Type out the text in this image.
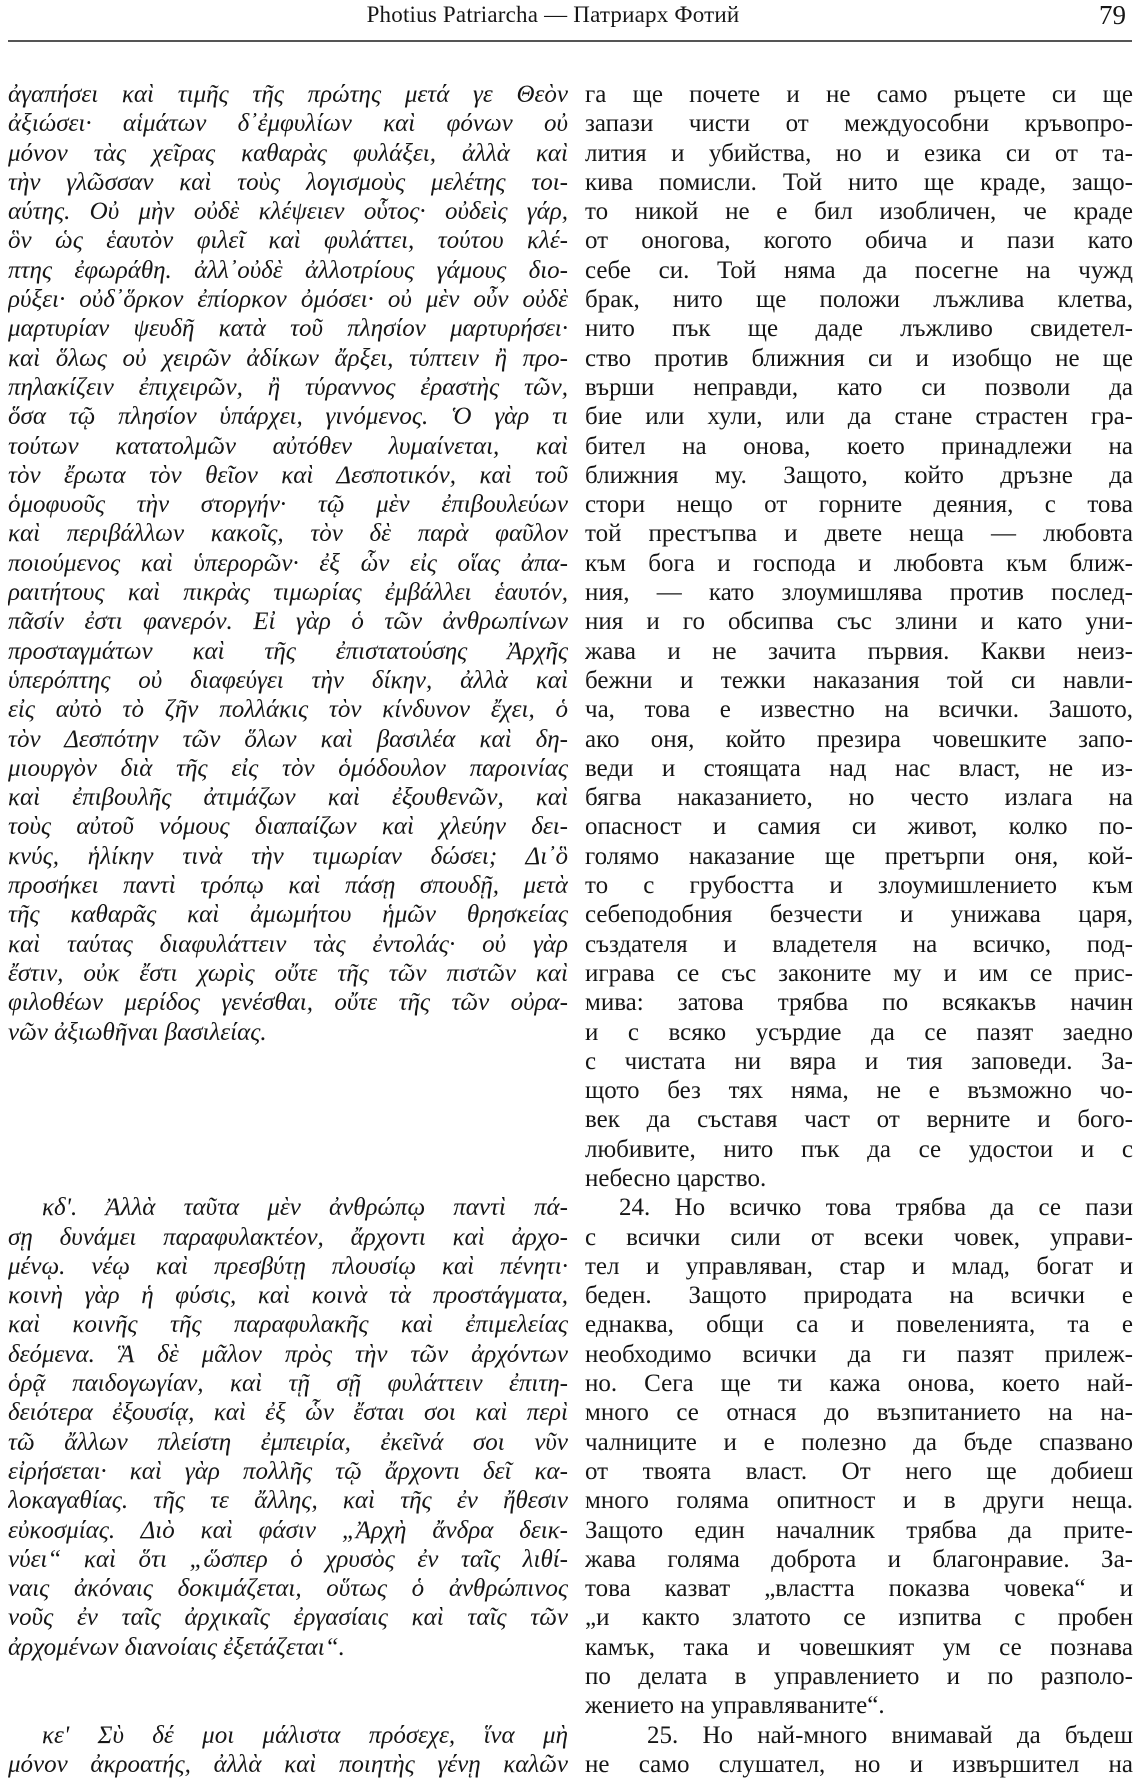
Photius Patriarcha — Патриарх Фотий	79
ἀγαπήσει καὶ τιμῆς τῆς πρώτης μετά γε Θεὸν
ἀξιώσει· αἱμάτων δ᾿ἐμφυλίων καὶ φόνων οὐ
μόνον τὰς χεῖρας καθαρὰς φυλάξει, ἀλλὰ καὶ
τὴν γλῶσσαν καὶ τοὺς λογισμοὺς μελέτης τοι-
αύτης. Οὐ μὴν οὐδὲ κλέψειεν οὗτος· οὐδεὶς γάρ,
ὃν ὡς ἑαυτὸν φιλεῖ καὶ φυλάττει, τούτου κλέ-
πτης ἐφωράθη. ἀλλ᾿οὐδὲ ἀλλοτρίους γάμους διο-
ρύξει· οὐδ᾿ὅρκον ἐπίορκον ὀμόσει· οὐ μὲν οὖν οὐδὲ
μαρτυρίαν ψευδῆ κατὰ τοῦ πλησίον μαρτυρήσει·
καὶ ὅλως οὐ χειρῶν ἀδίκων ἄρξει, τύπτειν ἢ προ-
πηλακίζειν ἐπιχειρῶν, ἢ τύραννος ἐραστὴς τῶν,
ὅσα τῷ πλησίον ὑπάρχει, γινόμενος. Ὁ γὰρ τι
τούτων κατατολμῶν αὐτόθεν λυμαίνεται, καὶ
τὸν ἔρωτα τὸν θεῖον καὶ Δεσποτικόν, καὶ τοῦ
ὁμοφυοῦς τὴν στοργήν· τῷ μὲν ἐπιβουλεύων
καὶ περιβάλλων κακοῖς, τὸν δὲ παρὰ φαῦλον
ποιούμενος καὶ ὑπερορῶν· ἐξ ὧν εἰς οἵας ἀπα-
ραιτήτους καὶ πικρὰς τιμωρίας ἐμβάλλει ἑαυτόν,
πᾶσίν ἐστι φανερόν. Εἰ γὰρ ὁ τῶν ἀνθρωπίνων
προσταγμάτων καὶ τῆς ἐπιστατούσης Ἀρχῆς
ὑπερόπτης οὐ διαφεύγει τὴν δίκην, ἀλλὰ καὶ
εἰς αὐτὸ τὸ ζῆν πολλάκις τὸν κίνδυνον ἔχει, ὁ
τὸν Δεσπότην τῶν ὅλων καὶ βασιλέα καὶ δη-
μιουργὸν διὰ τῆς εἰς τὸν ὁμόδουλον παροινίας
καὶ ἐπιβουλῆς ἀτιμάζων καὶ ἐξουθενῶν, καὶ
τοὺς αὐτοῦ νόμους διαπαίζων καὶ χλεύην δει-
κνύς, ἡλίκην τινὰ τὴν τιμωρίαν δώσει; Δι᾿ὃ
προσήκει παντὶ τρόπῳ καὶ πάσῃ σπουδῇ, μετὰ
τῆς καθαρᾶς καὶ ἀμωμήτου ἡμῶν θρησκείας
καὶ ταύτας διαφυλάττειν τὰς ἐντολάς· οὐ γὰρ
ἔστιν, οὐκ ἔστι χωρὶς οὔτε τῆς τῶν πιστῶν καὶ
φιλοθέων μερίδος γενέσθαι, οὔτε τῆς τῶν οὐρα-
νῶν ἀξιωθῆναι βασιλείας.
κδ'. Ἀλλὰ ταῦτα μὲν ἀνθρώπῳ παντὶ πά-
σῃ δυνάμει παραφυλακτέον, ἄρχοντι καὶ ἀρχο-
μένῳ. νέῳ καὶ πρεσβύτῃ πλουσίῳ καὶ πένητι·
κοινὴ γὰρ ἡ φύσις, καὶ κοινὰ τὰ προστάγματα,
καὶ κοινῆς τῆς παραφυλακῆς καὶ ἐπιμελείας
δεόμενα. Ἃ δὲ μᾶλον πρὸς τὴν τῶν ἀρχόντων
ὁρᾷ παιδογωγίαν, καὶ τῇ σῇ φυλάττειν ἐπιτη-
δειότερα ἐξουσίᾳ, καὶ ἐξ ὧν ἔσται σοι καὶ περὶ
τῶ ἄλλων πλείστη ἐμπειρία, ἐκεῖνά σοι νῦν
εἰρήσεται· καὶ γὰρ πολλῆς τῷ ἄρχοντι δεῖ κα-
λοκαγαθίας. τῆς τε ἄλλης, καὶ τῆς ἐν ἤθεσιν
εὐκοσμίας. Διὸ καὶ φάσιν „Ἀρχὴ ἄνδρα δεικ-
νύει“ καὶ ὅτι „ὥσπερ ὁ χρυσὸς ἐν ταῖς λιθί-
ναις ἀκόναις δοκιμάζεται, οὕτως ὁ ἀνθρώπινος
νοῦς ἐν ταῖς ἀρχικαῖς ἐργασίαις καὶ ταῖς τῶν
ἀρχομένων διανοίαις ἐξετάζεται“.
κε' Σὺ δέ μοι μάλιστα πρόσεχε, ἵνα μὴ
μόνον ἀκροατής, ἀλλὰ καὶ ποιητὴς γένῃ καλῶν
га ще почете и не само ръцете си ще
запази чисти от междуособни кръвопро-
лития и убийства, но и езика си от та-
кива помисли. Той нито ще краде, защо-
то никой не е бил изобличен, че краде
от оногова, когото обича и пази като
себе си. Той няма да посегне на чужд
брак, нито ще положи лъжлива клетва,
нито пък ще даде лъжливо свидетел-
ство против ближния си и изобщо не ще
върши неправди, като си позволи да
бие или хули, или да стане страстен гра-
бител на онова, което принадлежи на
ближния му. Защото, който дръзне да
стори нещо от горните деяния, с това
той престъпва и двете неща — любовта
към бога и господа и любовта към ближ-
ния, — като злоумишлява против послед-
ния и го обсипва със злини и като уни-
жава и не зачита първия. Какви неиз-
бежни и тежки наказания той си навли-
ча, това е известно на всички. Зашото,
ако оня, който презира човешките запо-
веди и стоящата над нас власт, не из-
бягва наказанието, но често излага на
опасност и самия си живот, колко по-
голямо наказание ще претърпи оня, кой-
то с грубостта и злоумишлението към
себеподобния безчести и унижава царя,
създателя и владетеля на всичко, под-
играва се със законите му и им се прис-
мива: затова трябва по всякакъв начин
и с всяко усърдие да се пазят заедно
с чистата ни вяра и тия заповеди. За-
щото без тях няма, не е възможно чо-
век да съставя част от верните и бого-
любивите, нито пък да се удостои и с
небесно царство.
24. Но всичко това трябва да се пази
с всички сили от всеки човек, управи-
тел и управляван, стар и млад, богат и
беден. Защото природата на всички е
еднаква, общи са и повеленията, та е
необходимо всички да ги пазят прилеж-
но. Сега ще ти кажа онова, което най-
много се отнася до възпитанието на на-
чалниците и е полезно да бъде спазвано
от твоята власт. От него ще добиеш
много голяма опитност и в други неща.
Защото един началник трябва да прите-
жава голяма доброта и благонравие. За-
това казват „властта показва човека“ и
„и както златото се изпитва с пробен
камък, така и човешкият ум се познава
по делата в управлението и по разполо-
жението на управляваните“.
25. Но най-много внимавай да бъдеш
не само слушател, но и извършител на
